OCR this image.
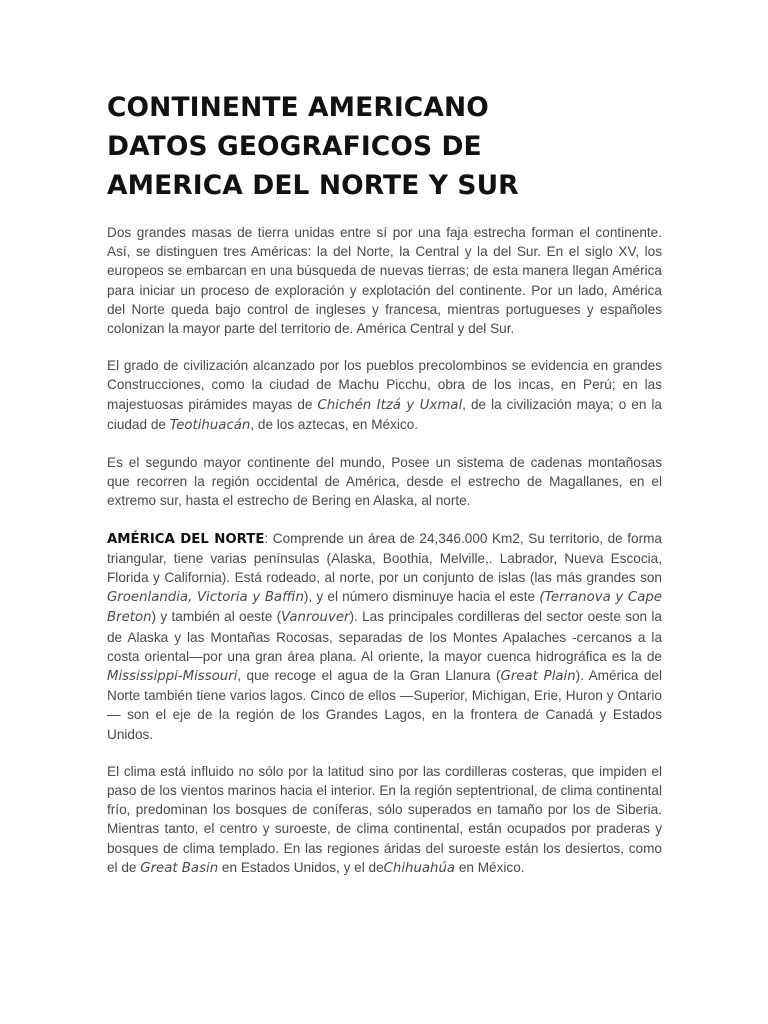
CONTINENTE AMERICANO
DATOS GEOGRAFICOS DE
AMERICA DEL NORTE Y SUR

Dos grandes masas de tierra unidas entre sí por una faja estrecha forman el continente. Así, se distinguen tres Américas: la del Norte, la Central y la del Sur. En el siglo XV, los europeos se embarcan en una búsqueda de nuevas tierras; de esta manera llegan América para iniciar un proceso de exploración y explotación del continente. Por un lado, América del Norte queda bajo control de ingleses y francesa, mientras portugueses y españoles colonizan la mayor parte del territorio de. América Central y del Sur.

El grado de civilización alcanzado por los pueblos precolombinos se evidencia en grandes Construcciones, como la ciudad de Machu Picchu, obra de los incas, en Perú; en las majestuosas pirámides mayas de Chichén Itzá y Uxmal, de la civilización maya; o en la ciudad de Teotihuacán, de los aztecas, en México.

Es el segundo mayor continente del mundo, Posee un sistema de cadenas montañosas que recorren la región occidental de América, desde el estrecho de Magallanes, en el extremo sur, hasta el estrecho de Bering en Alaska, al norte.

AMÉRICA DEL NORTE: Comprende un área de 24,346.000 Km2, Su territorio, de forma triangular, tiene varias penínsulas (Alaska, Boothia, Melville,. Labrador, Nueva Escocia, Florida y California). Está rodeado, al norte, por un conjunto de islas (las más grandes son Groenlandia, Victoria y Baffin), y el número disminuye hacia el este (Terranova y Cape Breton) y también al oeste (Vanrouver). Las principales cordilleras del sector oeste son la de Alaska y las Montañas Rocosas, separadas de los Montes Apalaches -cercanos a la costa oriental—por una gran área plana. Al oriente, la mayor cuenca hidrográfica es la de Mississippi-Missouri, que recoge el agua de la Gran Llanura (Great Plain). América del Norte también tiene varios lagos. Cinco de ellos —Superior, Michigan, Erie, Huron y Ontario— son el eje de la región de los Grandes Lagos, en la frontera de Canadá y Estados Unidos.

El clima está influido no sólo por la latitud sino por las cordilleras costeras, que impiden el paso de los vientos marinos hacia el interior. En la región septentrional, de clima continental frío, predominan los bosques de coníferas, sólo superados en tamaño por los de Siberia. Mientras tanto, el centro y suroeste, de clima continental, están ocupados por praderas y bosques de clima templado. En las regiones áridas del suroeste están los desiertos, como el de Great Basin en Estados Unidos, y el deChihuahúa en México.
